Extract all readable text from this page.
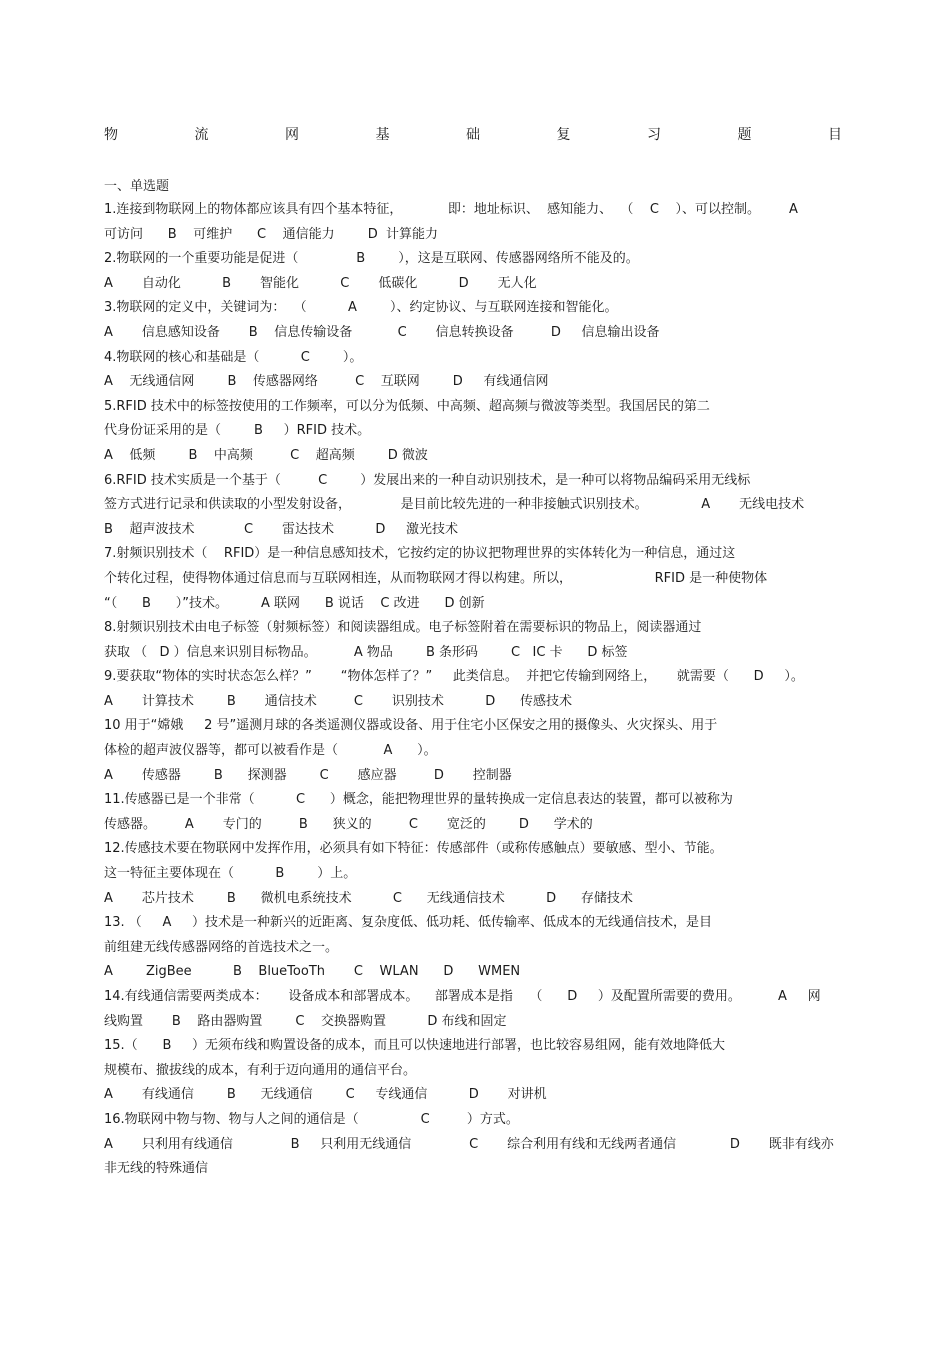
物	流	网	基	础	复	习	题	目
一、单选题
1.连接到物联网上的物体都应该具有四个基本特征，           即：地址标识、  感知能力、  （    C    ）、可以控制。       A
可访问      B    可维护      C    通信能力        D  计算能力
2.物联网的一个重要功能是促进（              B        ），这是互联网、传感器网络所不能及的。
A       自动化          B       智能化          C       低碳化          D       无人化
3.物联网的定义中，关键词为：  （          A        ）、约定协议、与互联网连接和智能化。
A       信息感知设备       B    信息传输设备           C       信息转换设备         D     信息输出设备
4.物联网的核心和基础是（          C        ）。
A    无线通信网        B    传感器网络         C    互联网        D     有线通信网
5.RFID 技术中的标签按使用的工作频率，可以分为低频、中高频、超高频与微波等类型。我国居民的第二
代身份证采用的是（        B     ）RFID 技术。
A    低频        B    中高频         C    超高频        D 微波
6.RFID 技术实质是一个基于（         C        ）发展出来的一种自动识别技术，是一种可以将物品编码采用无线标
签方式进行记录和供读取的小型发射设备，            是目前比较先进的一种非接触式识别技术。             A       无线电技术
B    超声波技术            C       雷达技术          D     激光技术
7.射频识别技术（    RFID）是一种信息感知技术，它按约定的协议把物理世界的实体转化为一种信息，通过这
个转化过程，使得物体通过信息而与互联网相连，从而物联网才得以构建。所以，                    RFID 是一种使物体
“（      B      ）”技术。        A 联网      B 说话    C 改进      D 创新
8.射频识别技术由电子标签（射频标签）和阅读器组成。电子标签附着在需要标识的物品上，阅读器通过
获取 （   D ）信息来识别目标物品。         A 物品        B 条形码        C   IC 卡      D 标签
9.要获取“物体的实时状态怎么样？”       “物体怎样了？”     此类信息。  并把它传输到网络上，     就需要（      D     ）。
A       计算技术        B       通信技术         C       识别技术          D      传感技术
10 用于“嫦娥     2 号”遥测月球的各类遥测仪器或设备、用于住宅小区保安之用的摄像头、火灾探头、用于
体检的超声波仪器等，都可以被看作是（           A      ）。
A       传感器        B      探测器        C       感应器         D       控制器
11.传感器已是一个非常（          C      ）概念，能把物理世界的量转换成一定信息表达的装置，都可以被称为
传感器。       A       专门的         B      狭义的         C       宽泛的        D      学术的
12.传感技术要在物联网中发挥作用，必须具有如下特征：传感部件（或称传感触点）要敏感、型小、节能。
这一特征主要体现在（          B        ）上。
A       芯片技术        B      微机电系统技术          C      无线通信技术          D      存储技术
13. （     A     ）技术是一种新兴的近距离、复杂度低、低功耗、低传输率、低成本的无线通信技术，是目
前组建无线传感器网络的首选技术之一。
A        ZigBee          B    BlueTooTh       C    WLAN      D      WMEN
14.有线通信需要两类成本：     设备成本和部署成本。    部署成本是指    （      D     ）及配置所需要的费用。         A     网
线购置       B    路由器购置        C    交换器购置          D 布线和固定
15.（      B     ）无须布线和购置设备的成本，而且可以快速地进行部署，也比较容易组网，能有效地降低大
规模布、撤拔线的成本，有利于迈向通用的通信平台。
A       有线通信        B      无线通信        C     专线通信          D       对讲机
16.物联网中物与物、物与人之间的通信是（               C         ）方式。
A       只利用有线通信              B     只利用无线通信              C       综合利用有线和无线两者通信             D       既非有线亦
非无线的特殊通信
